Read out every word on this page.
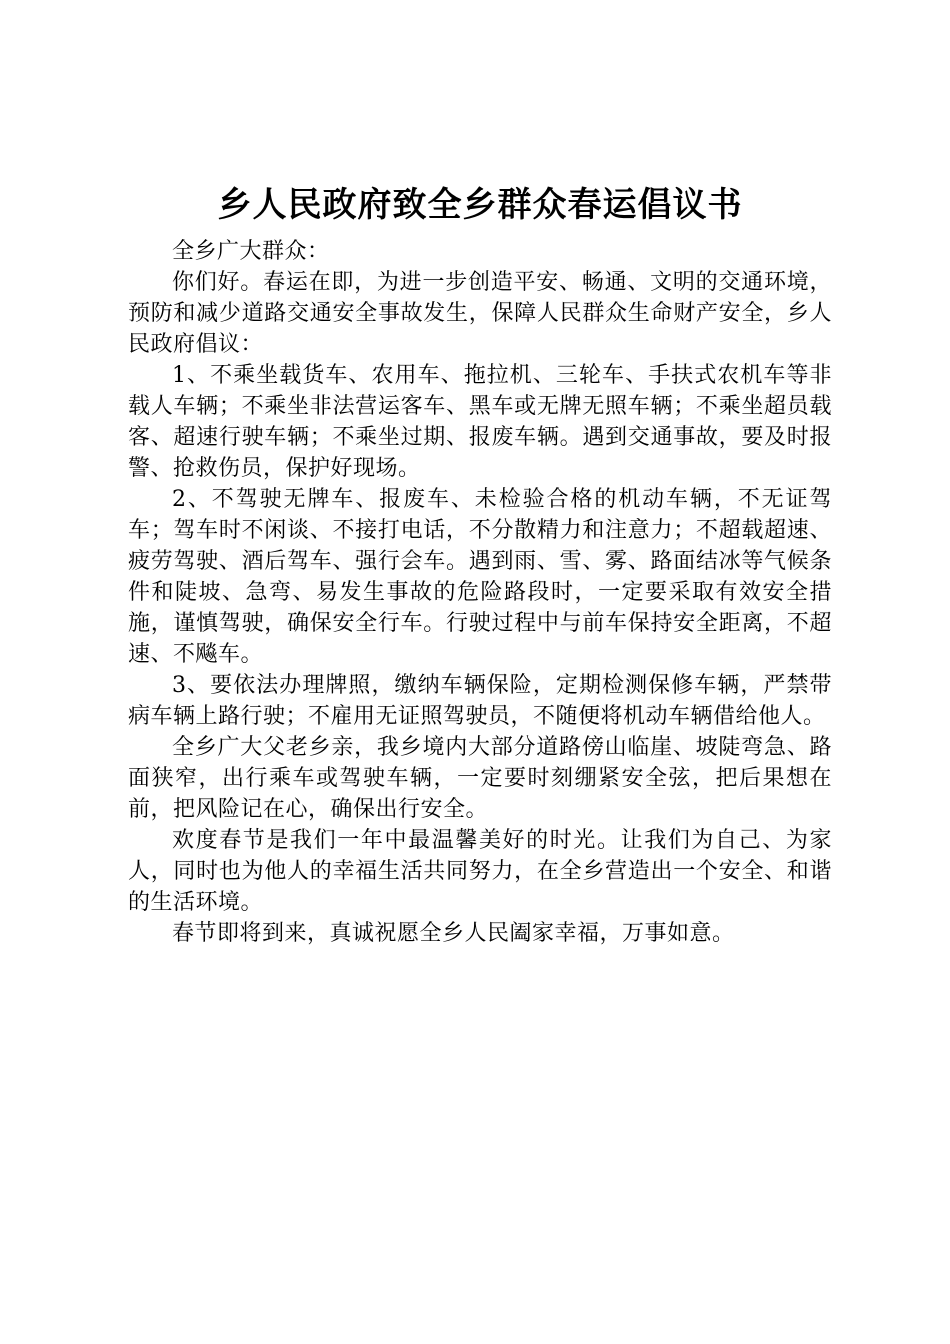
乡人民政府致全乡群众春运倡议书

全乡广大群众：

你们好。春运在即，为进一步创造平安、畅通、文明的交通环境，预防和减少道路交通安全事故发生，保障人民群众生命财产安全，乡人民政府倡议：

1、不乘坐载货车、农用车、拖拉机、三轮车、手扶式农机车等非载人车辆；不乘坐非法营运客车、黑车或无牌无照车辆；不乘坐超员载客、超速行驶车辆；不乘坐过期、报废车辆。遇到交通事故，要及时报警、抢救伤员，保护好现场。

2、不驾驶无牌车、报废车、未检验合格的机动车辆，不无证驾车；驾车时不闲谈、不接打电话，不分散精力和注意力；不超载超速、疲劳驾驶、酒后驾车、强行会车。遇到雨、雪、雾、路面结冰等气候条件和陡坡、急弯、易发生事故的危险路段时，一定要采取有效安全措施，谨慎驾驶，确保安全行车。行驶过程中与前车保持安全距离，不超速、不飚车。

3、要依法办理牌照，缴纳车辆保险，定期检测保修车辆，严禁带病车辆上路行驶；不雇用无证照驾驶员，不随便将机动车辆借给他人。

全乡广大父老乡亲，我乡境内大部分道路傍山临崖、坡陡弯急、路面狭窄，出行乘车或驾驶车辆，一定要时刻绷紧安全弦，把后果想在前，把风险记在心，确保出行安全。

欢度春节是我们一年中最温馨美好的时光。让我们为自己、为家人，同时也为他人的幸福生活共同努力，在全乡营造出一个安全、和谐的生活环境。

春节即将到来，真诚祝愿全乡人民阖家幸福，万事如意。
